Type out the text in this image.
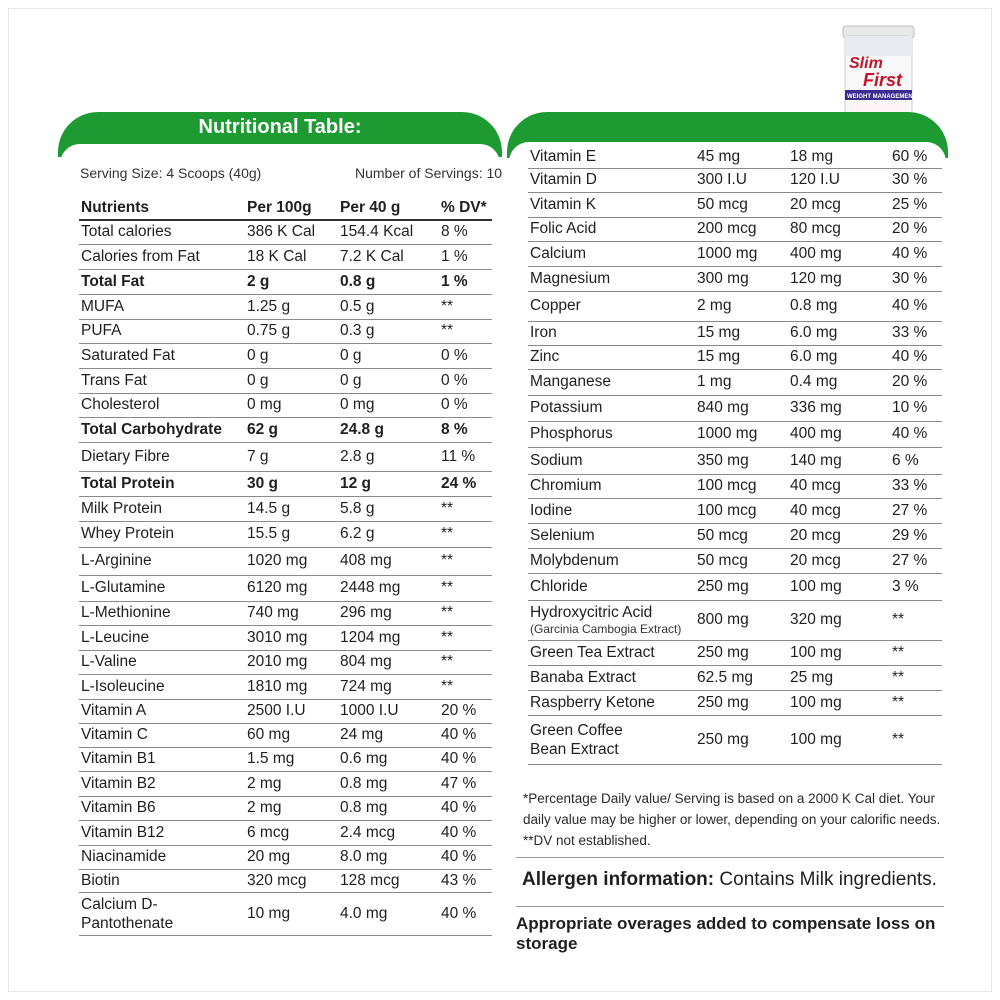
Slim
First
WEIGHT MANAGEMENT
Nutritional Table:
Serving Size: 4 Scoops (40g)	Number of Servings: 10
Nutrients	Per 100g	Per 40 g	% DV*
Total calories	386 K Cal	154.4 Kcal	8 %
Calories from Fat	18 K Cal	7.2 K Cal	1 %
Total Fat	2 g	0.8 g	1 %
MUFA	1.25 g	0.5 g	**
PUFA	0.75 g	0.3 g	**
Saturated Fat	0 g	0 g	0 %
Trans Fat	0 g	0 g	0 %
Cholesterol	0 mg	0 mg	0 %
Total Carbohydrate	62 g	24.8 g	8 %
Dietary Fibre	7 g	2.8 g	11 %
Total Protein	30 g	12 g	24 %
Milk Protein	14.5 g	5.8 g	**
Whey Protein	15.5 g	6.2 g	**
L-Arginine	1020 mg	408 mg	**
L-Glutamine	6120 mg	2448 mg	**
L-Methionine	740 mg	296 mg	**
L-Leucine	3010 mg	1204 mg	**
L-Valine	2010 mg	804 mg	**
L-Isoleucine	1810 mg	724 mg	**
Vitamin A	2500 I.U	1000 I.U	20 %
Vitamin C	60 mg	24 mg	40 %
Vitamin B1	1.5 mg	0.6 mg	40 %
Vitamin B2	2 mg	0.8 mg	47 %
Vitamin B6	2 mg	0.8 mg	40 %
Vitamin B12	6 mcg	2.4 mcg	40 %
Niacinamide	20 mg	8.0 mg	40 %
Biotin	320 mcg	128 mcg	43 %

Calcium D-
Pantothenate	10 mg	4.0 mg	40 %
Vitamin E	45 mg	18 mg	60 %
Vitamin D	300 I.U	120 I.U	30 %
Vitamin K	50 mcg	20 mcg	25 %
Folic Acid	200 mcg	80 mcg	20 %
Calcium	1000 mg	400 mg	40 %
Magnesium	300 mg	120 mg	30 %
Copper	2 mg	0.8 mg	40 %
Iron	15 mg	6.0 mg	33 %
Zinc	15 mg	6.0 mg	40 %
Manganese	1 mg	0.4 mg	20 %
Potassium	840 mg	336 mg	10 %
Phosphorus	1000 mg	400 mg	40 %
Sodium	350 mg	140 mg	6 %
Chromium	100 mcg	40 mcg	33 %
Iodine	100 mcg	40 mcg	27 %
Selenium	50 mcg	20 mcg	29 %
Molybdenum	50 mcg	20 mcg	27 %
Chloride	250 mg	100 mg	3 %

Hydroxycitric Acid
(Garcinia Cambogia Extract)	800 mg	320 mg	**
Green Tea Extract	250 mg	100 mg	**
Banaba Extract	62.5 mg	25 mg	**
Raspberry Ketone	250 mg	100 mg	**

Green Coffee
Bean Extract	250 mg	100 mg	**
*Percentage Daily value/ Serving is based on a 2000 K Cal diet. Your daily value may be higher or lower, depending on your calorific needs.
**DV not established.
Allergen information: Contains Milk ingredients.
Appropriate overages added to compensate loss on storage
